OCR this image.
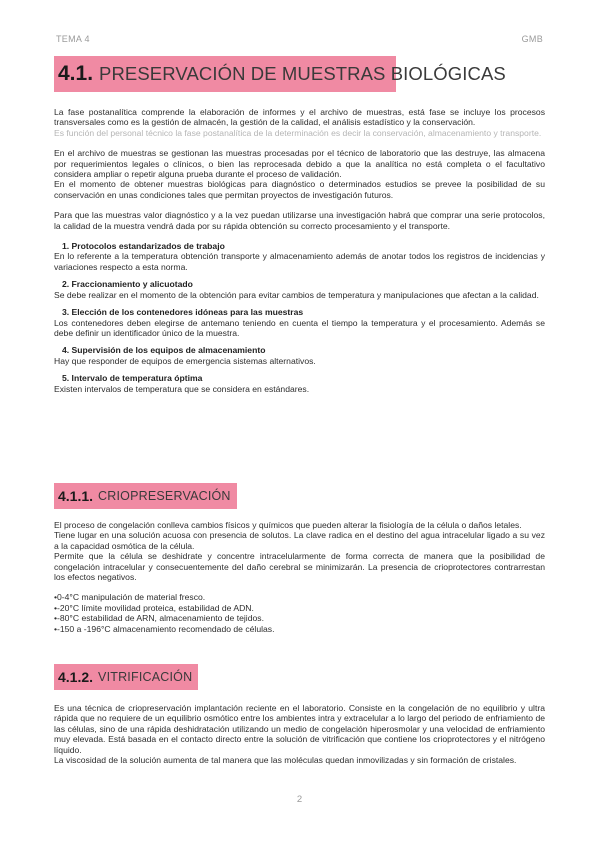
TEMA 4	GMB
4.1. PRESERVACIÓN DE MUESTRAS BIOLÓGICAS

La fase postanalítica comprende la elaboración de informes y el archivo de muestras, está fase se incluye los procesos transversales como es la gestión de almacén, la gestión de la calidad, el análisis estadístico y la conservación.

Es función del personal técnico la fase postanalítica de la determinación es decir la conservación, almacenamiento y transporte.

En el archivo de muestras se gestionan las muestras procesadas por el técnico de laboratorio que las destruye, las almacena por requerimientos legales o clínicos, o bien las reprocesada debido a que la analítica no está completa o el facultativo considera ampliar o repetir alguna prueba durante el proceso de validación.

En el momento de obtener muestras biológicas para diagnóstico o determinados estudios se prevee la posibilidad de su conservación en unas condiciones tales que permitan proyectos de investigación futuros.

Para que las muestras valor diagnóstico y a la vez puedan utilizarse una investigación habrá que comprar una serie protocolos, la calidad de la muestra vendrá dada por su rápida obtención su correcto procesamiento y el transporte.

1. Protocolos estandarizados de trabajo

En lo referente a la temperatura obtención transporte y almacenamiento además de anotar todos los registros de incidencias y variaciones respecto a esta norma.

2. Fraccionamiento y alicuotado

Se debe realizar en el momento de la obtención para evitar cambios de temperatura y manipulaciones que afectan a la calidad.

3. Elección de los contenedores idóneas para las muestras

Los contenedores deben elegirse de antemano teniendo en cuenta el tiempo la temperatura y el procesamiento. Además se debe definir un identificador único de la muestra.

4. Supervisión de los equipos de almacenamiento

Hay que responder de equipos de emergencia sistemas alternativos.

5. Intervalo de temperatura óptima

Existen intervalos de temperatura que se considera en estándares.

4.1.1. CRIOPRESERVACIÓN

El proceso de congelación conlleva cambios físicos y químicos que pueden alterar la fisiología de la célula o daños letales.

Tiene lugar en una solución acuosa con presencia de solutos. La clave radica en el destino del agua intracelular ligado a su vez a la capacidad osmótica de la célula.

Permite que la célula se deshidrate y concentre intracelularmente de forma correcta de manera que la posibilidad de congelación intracelular y consecuentemente del daño cerebral se minimizarán. La presencia de crioprotectores contrarrestan los efectos negativos.

• 0-4°C manipulación de material fresco.
• -20°C límite movilidad proteica, estabilidad de ADN.
• -80°C estabilidad de ARN, almacenamiento de tejidos.
• -150 a -196°C almacenamiento recomendado de células.
4.1.2. VITRIFICACIÓN

Es una técnica de criopreservación implantación reciente en el laboratorio. Consiste en la congelación de no equilibrio y ultra rápida que no requiere de un equilibrio osmótico entre los ambientes intra y extracelular a lo largo del periodo de enfriamiento de las células, sino de una rápida deshidratación utilizando un medio de congelación hiperosmolar y una velocidad de enfriamiento muy elevada. Está basada en el contacto directo entre la solución de vitrificación que contiene los crioprotectores y el nitrógeno líquido.

La viscosidad de la solución aumenta de tal manera que las moléculas quedan inmovilizadas y sin formación de cristales.

2
